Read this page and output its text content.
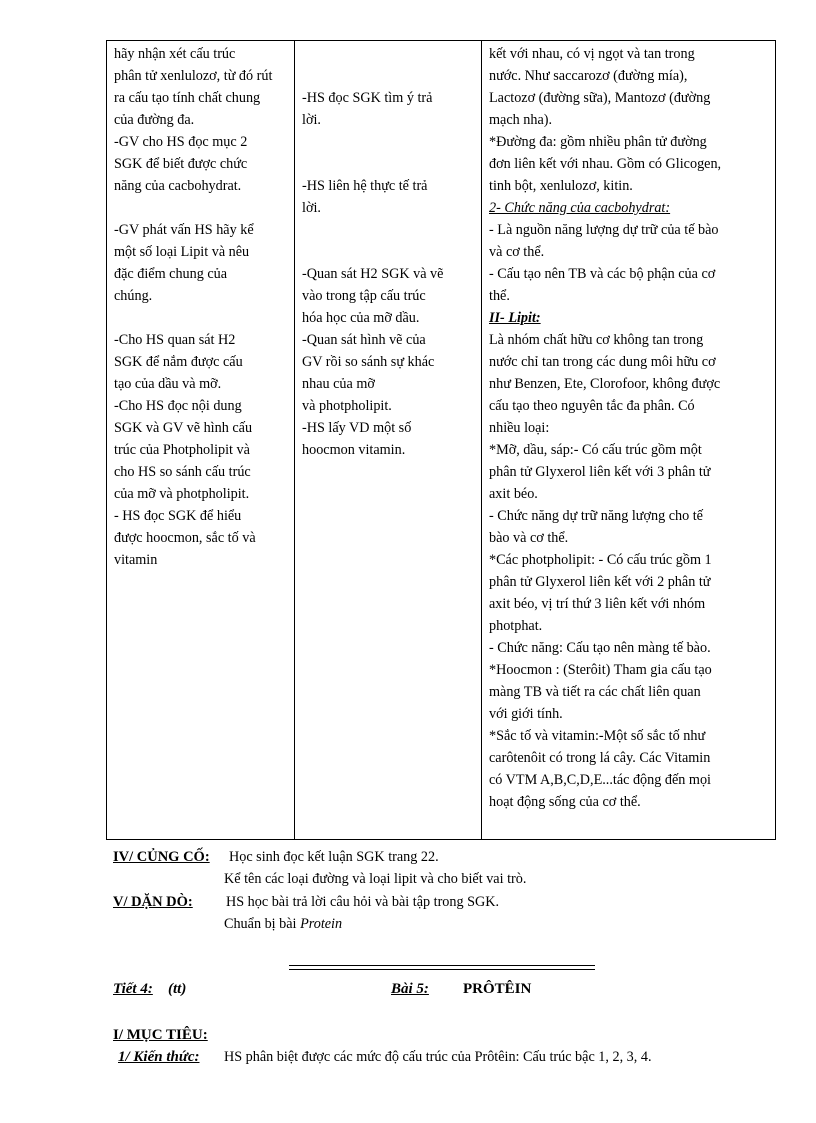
hãy nhận xét cấu trúc

phân tử xenlulozơ, từ đó rút

ra cấu tạo tính chất chung

của đường đa.

-GV cho HS đọc mục 2

SGK để biết được chức

năng của cacbohydrat.

-GV phát vấn HS hãy kể

một số loại Lipit và nêu

đặc điểm chung của

chúng.

-Cho HS quan sát H2

SGK để nắm được cấu

tạo của dầu và mỡ.

-Cho HS đọc nội dung

SGK và GV vẽ hình cấu

trúc của Photpholipit và

cho HS so sánh cấu trúc

của mỡ và photpholipit.

- HS đọc SGK để hiểu

được hoocmon, sắc tố và

vitamin

-HS đọc SGK tìm ý trả

lời.

-HS liên hệ thực tế trả

lời.

-Quan sát H2 SGK và vẽ

vào trong tập cấu trúc

hóa học của mỡ dầu.

-Quan sát hình vẽ của

GV rồi so sánh sự khác

nhau của mỡ

và photpholipit.

-HS lấy VD một số

hoocmon vitamin.

kết với nhau, có vị ngọt và tan trong

nước. Như saccarozơ (đường mía),

Lactozơ (đường sữa), Mantozơ (đường

mạch nha).

*Đường đa: gồm nhiều phân tử đường

đơn liên kết với nhau. Gồm có Glicogen,

tinh bột, xenlulozơ, kitin.

2- Chức năng của cacbohydrat:

- Là nguồn năng lượng dự trữ của tế bào

và cơ thể.

- Cấu tạo nên TB và các bộ phận của cơ

thể.

II- Lipit:

Là nhóm chất hữu cơ không tan trong

nước chỉ tan trong các dung môi hữu cơ

như Benzen, Ete, Clorofoor, không được

cấu tạo theo nguyên tắc đa phân. Có

nhiều loại:

*Mỡ, dầu, sáp:- Có cấu trúc gồm một

phân tử Glyxerol liên kết với 3 phân tử

axit béo.

- Chức năng dự trữ năng lượng cho tế

bào và cơ thể.

*Các photpholipit: - Có cấu trúc gồm 1

phân tử Glyxerol liên kết với 2 phân tử

axit béo, vị trí thứ 3 liên kết với nhóm

photphat.

- Chức năng: Cấu tạo nên màng tế bào.

*Hoocmon : (Sterôit) Tham gia cấu tạo

màng TB và tiết ra các chất liên quan

với giới tính.

*Sắc tố và vitamin:-Một số sắc tố như

carôtenôit có trong lá cây. Các Vitamin

có VTM A,B,C,D,E...tác động đến mọi

hoạt động sống của cơ thể.

IV/ CỦNG CỐ: Học sinh đọc kết luận SGK trang 22.
Kể tên các loại đường và loại lipit và cho biết vai trò.
V/ DẶN DÒ: HS học bài trả lời câu hỏi và bài tập trong SGK.
Chuẩn bị bài Protein
Tiết 4: (tt)	Bài 5: PRÔTÊIN
I/ MỤC TIÊU:
1/ Kiến thức: HS phân biệt được các mức độ cấu trúc của Prôtêin: Cấu trúc bậc 1, 2, 3, 4.
